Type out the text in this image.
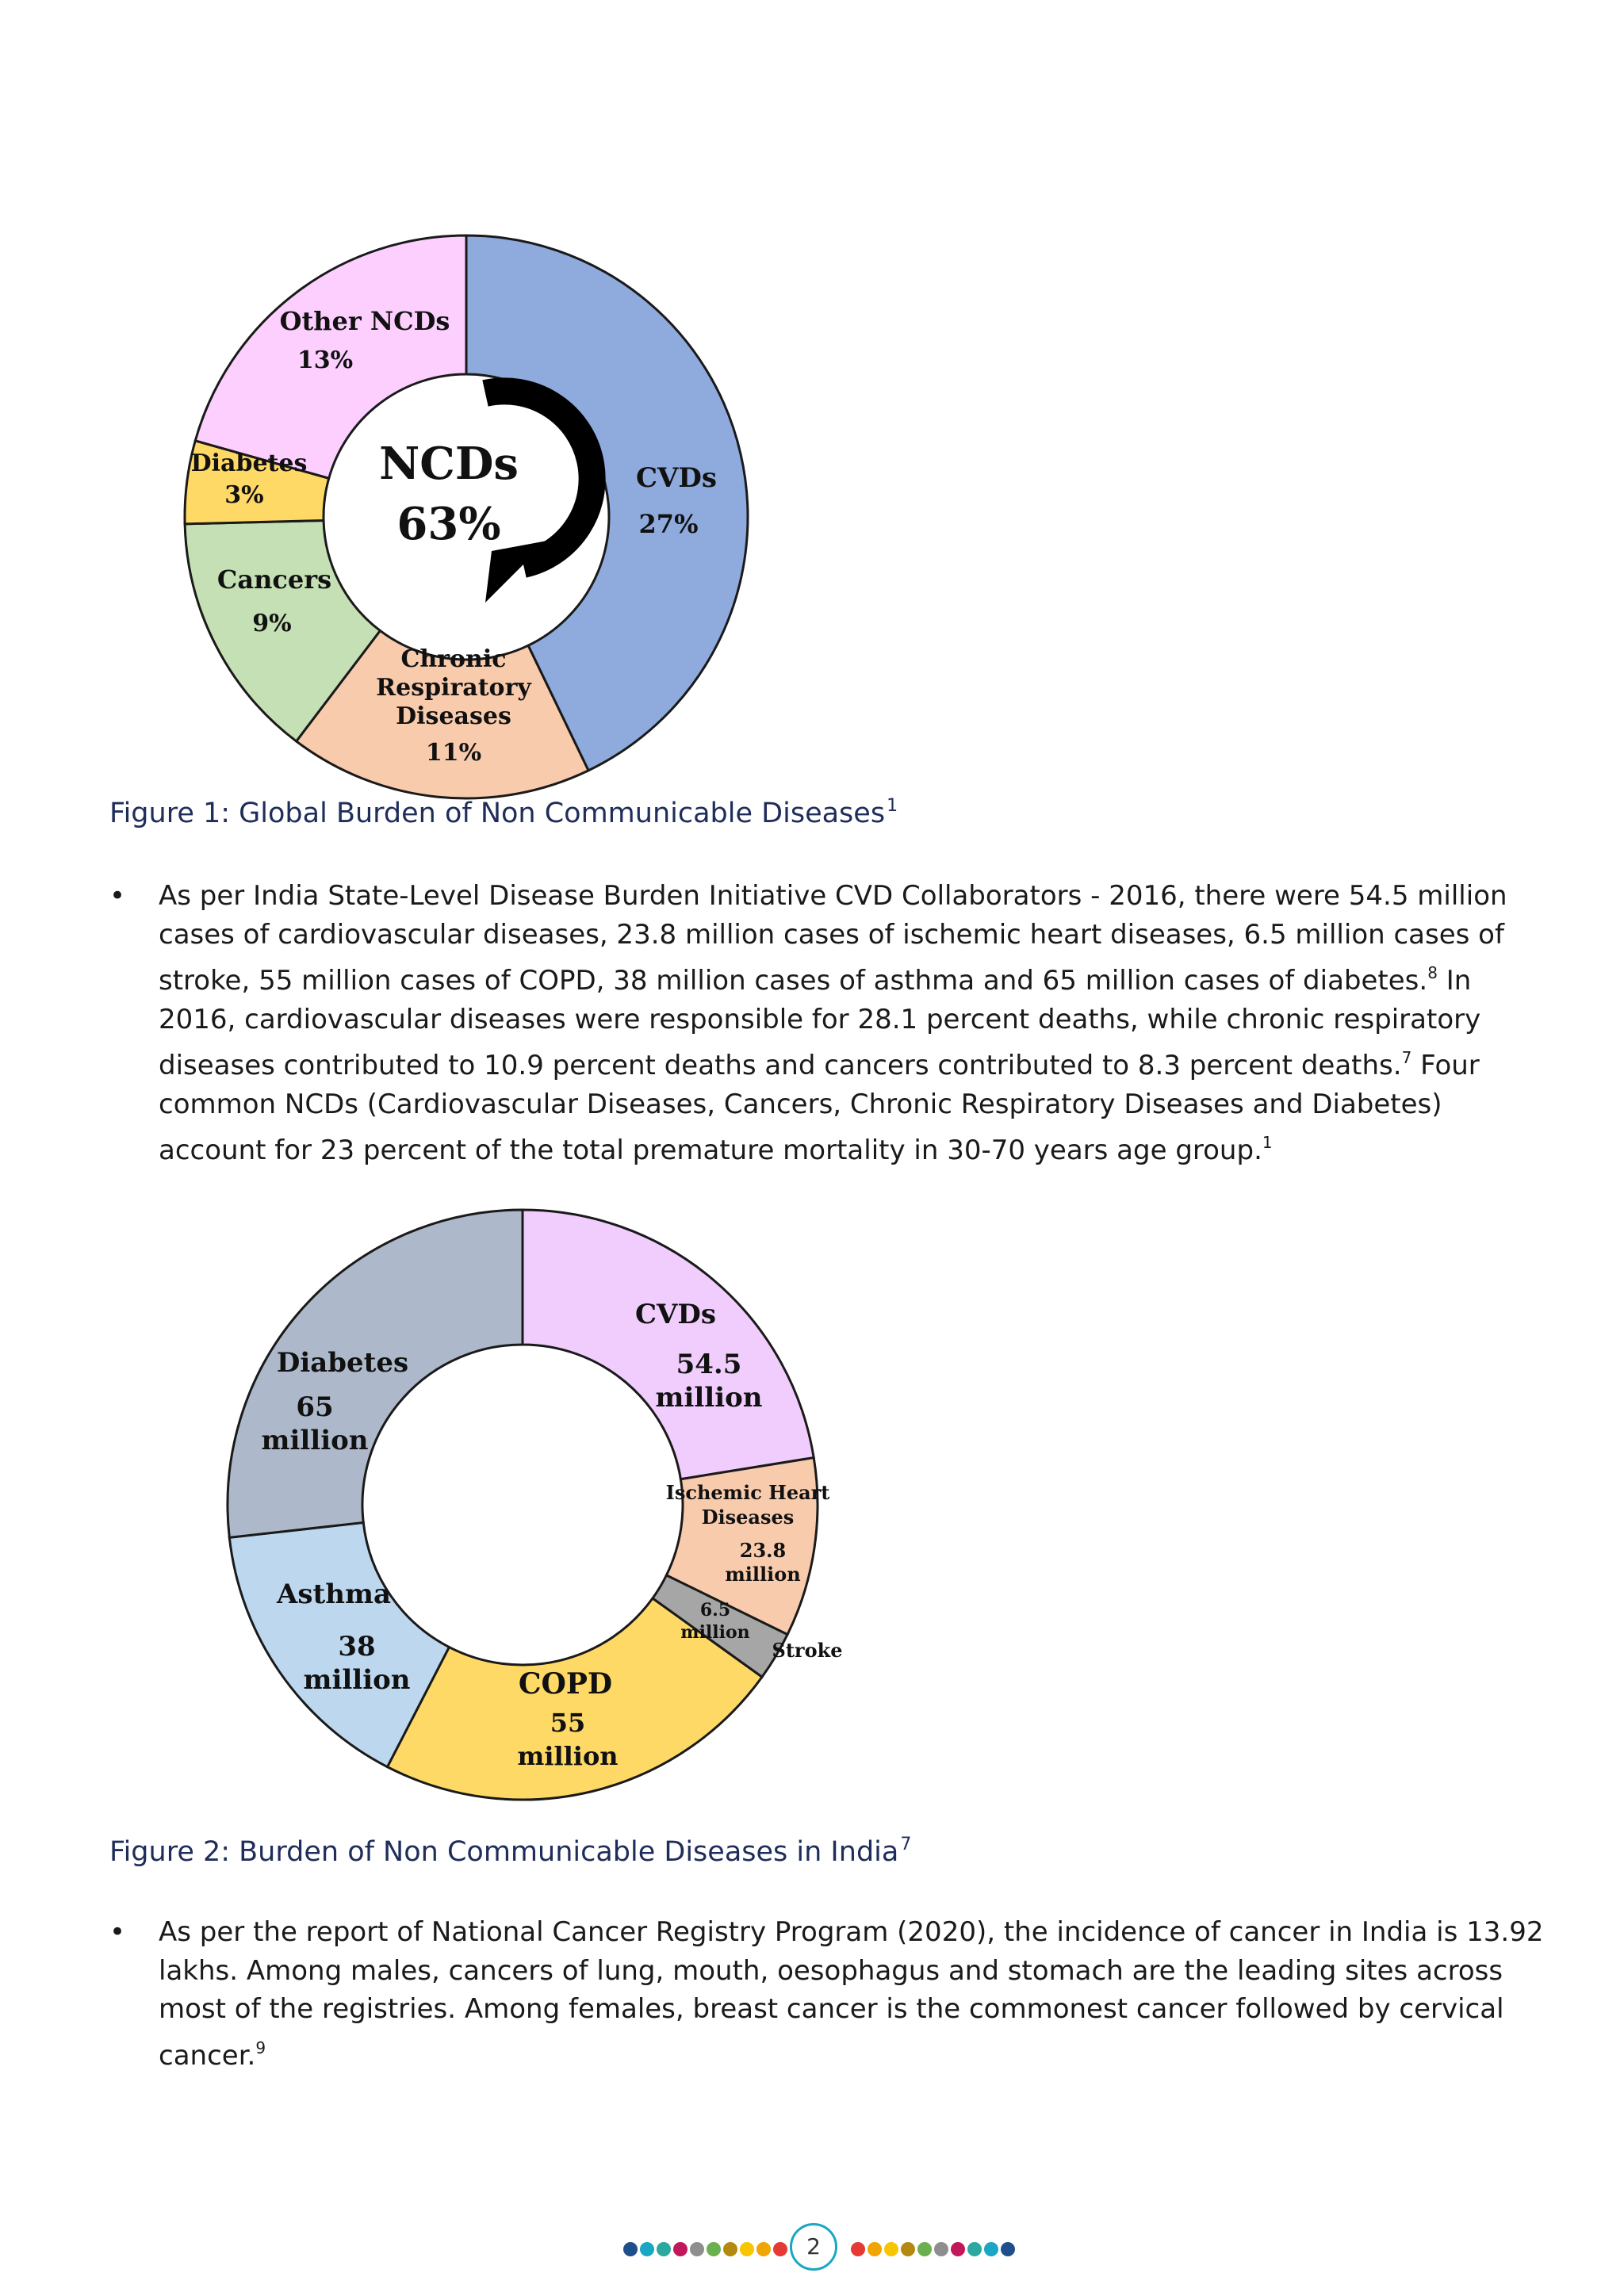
NCDs
63%
CVDs
27%
Chronic
Respiratory
Diseases
11%
Cancers
9%
Diabetes
3%
Other NCDs
13%

Figure 1: Global Burden of Non Communicable Diseases$^1$

• As per India State-Level Disease Burden Initiative CVD Collaborators - 2016, there were 54.5 million cases of cardiovascular diseases, 23.8 million cases of ischemic heart diseases, 6.5 million cases of stroke, 55 million cases of COPD, 38 million cases of asthma and 65 million cases of diabetes.$^8$ In 2016, cardiovascular diseases were responsible for 28.1 percent deaths, while chronic respiratory diseases contributed to 10.9 percent deaths and cancers contributed to 8.3 percent deaths.$^7$ Four common NCDs (Cardiovascular Diseases, Cancers, Chronic Respiratory Diseases and Diabetes) account for 23 percent of the total premature mortality in 30-70 years age group.$^1$
CVDs
54.5
million
Ischemic Heart
Diseases
23.8
million
6.5
million
Stroke
COPD
55
million
Asthma
38
million
Diabetes
65
million

Figure 2: Burden of Non Communicable Diseases in India$^7$

• As per the report of National Cancer Registry Program (2020), the incidence of cancer in India is 13.92 lakhs. Among males, cancers of lung, mouth, oesophagus and stomach are the leading sites across most of the registries. Among females, breast cancer is the commonest cancer followed by cervical cancer.$^9$
2
